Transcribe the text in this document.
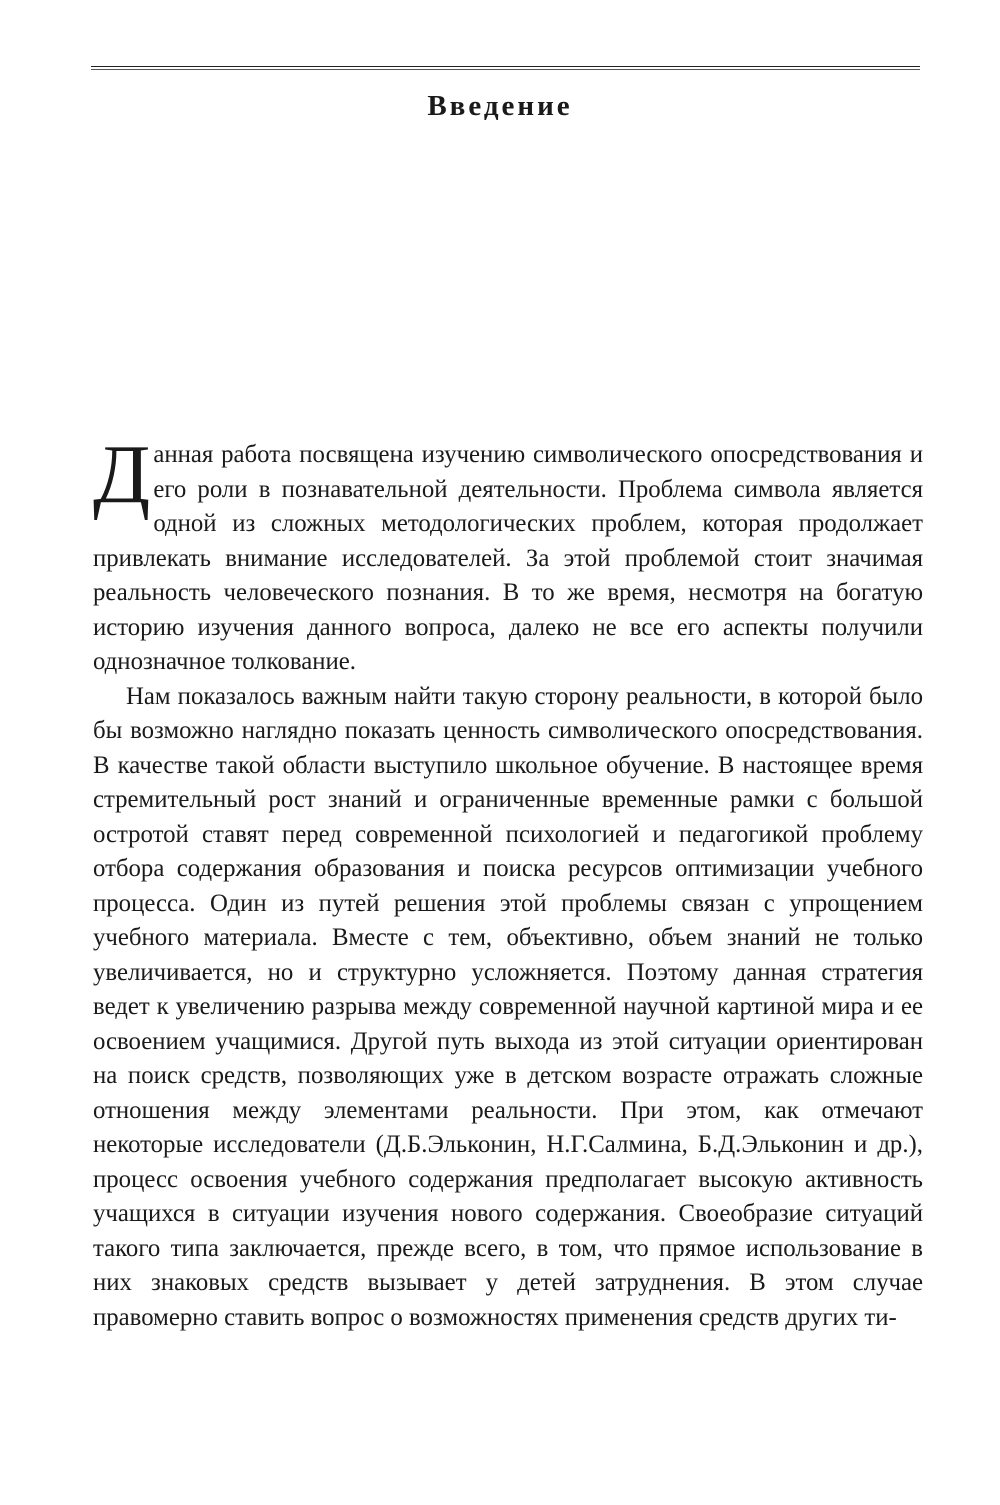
Введение

Данная работа посвящена изучению символического опосредствования и его роли в познавательной деятельности. Проблема символа является одной из сложных методологических проблем, которая продолжает привлекать внимание исследователей. За этой проблемой стоит значимая реальность человеческого познания. В то же время, несмотря на богатую историю изучения данного вопроса, далеко не все его аспекты получили однозначное толкование.

Нам показалось важным найти такую сторону реальности, в которой было бы возможно наглядно показать ценность символического опосредствования. В качестве такой области выступило школьное обучение. В настоящее время стремительный рост знаний и ограниченные временные рамки с большой остротой ставят перед современной психологией и педагогикой проблему отбора содержания образования и поиска ресурсов оптимизации учебного процесса. Один из путей решения этой проблемы связан с упрощением учебного материала. Вместе с тем, объективно, объем знаний не только увеличивается, но и структурно усложняется. Поэтому данная стратегия ведет к увеличению разрыва между современной научной картиной мира и ее освоением учащимися. Другой путь выхода из этой ситуации ориентирован на поиск средств, позволяющих уже в детском возрасте отражать сложные отношения между элементами реальности. При этом, как отмечают некоторые исследователи (Д.Б.Эльконин, Н.Г.Салмина, Б.Д.Эльконин и др.), процесс освоения учебного содержания предполагает высокую активность учащихся в ситуации изучения нового содержания. Своеобразие ситуаций такого типа заключается, прежде всего, в том, что прямое использование в них знаковых средств вызывает у детей затруднения. В этом случае правомерно ставить вопрос о возможностях применения средств других ти-
